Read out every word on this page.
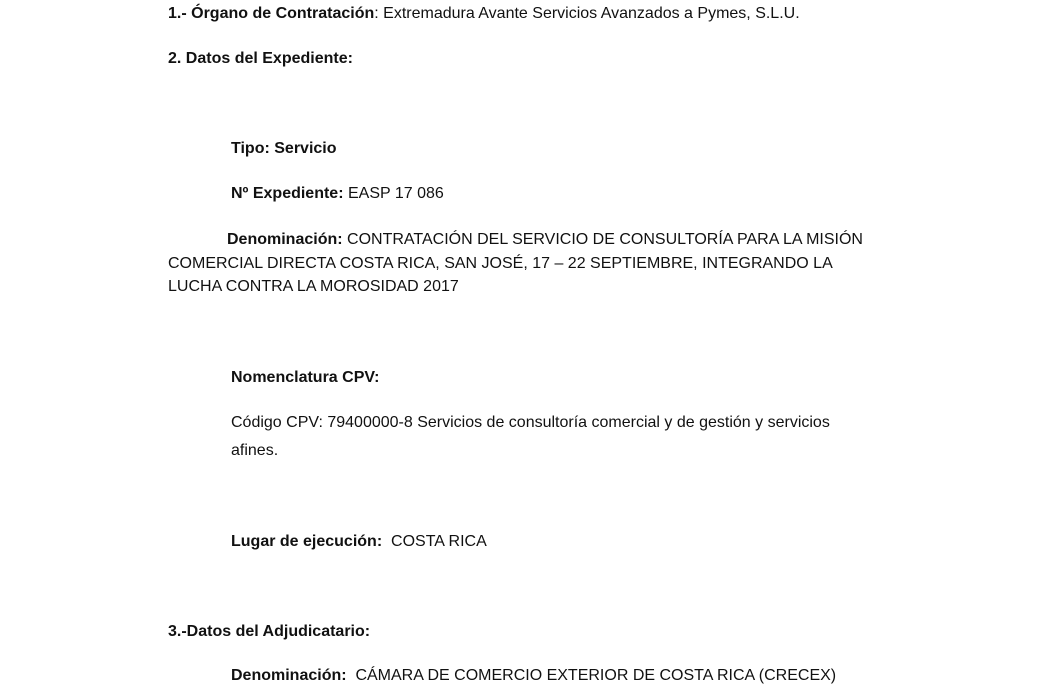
1.- Órgano de Contratación: Extremadura Avante Servicios Avanzados a Pymes, S.L.U.
2. Datos del Expediente:
Tipo: Servicio
Nº Expediente: EASP 17 086
Denominación: CONTRATACIÓN DEL SERVICIO DE CONSULTORÍA PARA LA MISIÓN
COMERCIAL DIRECTA COSTA RICA, SAN JOSÉ, 17 – 22 SEPTIEMBRE, INTEGRANDO LA
LUCHA CONTRA LA MOROSIDAD 2017
Nomenclatura CPV:
Código CPV: 79400000-8 Servicios de consultoría comercial y de gestión y servicios
afines.
Lugar de ejecución: COSTA RICA
3.-Datos del Adjudicatario:
Denominación: CÁMARA DE COMERCIO EXTERIOR DE COSTA RICA (CRECEX)
